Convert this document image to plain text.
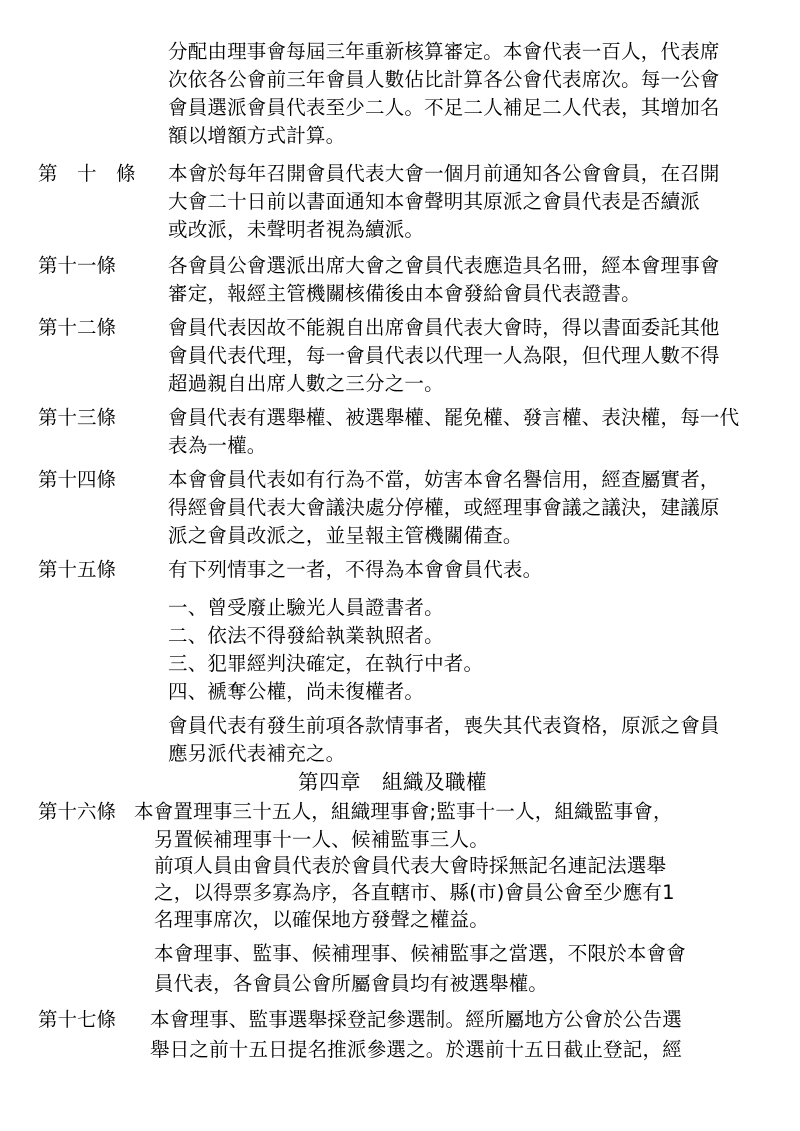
分配由理事會每屆三年重新核算審定。本會代表一百人，代表席
次依各公會前三年會員人數佔比計算各公會代表席次。每一公會
會員選派會員代表至少二人。不足二人補足二人代表，其增加名
額以增額方式計算。
第　十　條 本會於每年召開會員代表大會一個月前通知各公會會員，在召開
大會二十日前以書面通知本會聲明其原派之會員代表是否續派
或改派，未聲明者視為續派。
第十一條	各會員公會選派出席大會之會員代表應造具名冊，經本會理事會
審定，報經主管機關核備後由本會發給會員代表證書。
第十二條	會員代表因故不能親自出席會員代表大會時，得以書面委託其他
會員代表代理，每一會員代表以代理一人為限，但代理人數不得
超過親自出席人數之三分之一。
第十三條	會員代表有選舉權、被選舉權、罷免權、發言權、表決權，每一代
表為一權。
第十四條	本會會員代表如有行為不當，妨害本會名譽信用，經查屬實者，
得經會員代表大會議決處分停權，或經理事會議之議決，建議原
派之會員改派之，並呈報主管機關備查。
第十五條	有下列情事之一者，不得為本會會員代表。
一、曾受廢止驗光人員證書者。
二、依法不得發給執業執照者。
三、犯罪經判決確定，在執行中者。
四、褫奪公權，尚未復權者。
會員代表有發生前項各款情事者，喪失其代表資格，原派之會員
應另派代表補充之。
第四章　組織及職權
第十六條 本會置理事三十五人，組織理事會;監事十一人，組織監事會，
另置候補理事十一人、候補監事三人。
前項人員由會員代表於會員代表大會時採無記名連記法選舉
之，以得票多寡為序，各直轄市、縣(市)會員公會至少應有1
名理事席次，以確保地方發聲之權益。
本會理事、監事、候補理事、候補監事之當選，不限於本會會
員代表，各會員公會所屬會員均有被選舉權。
第十七條 本會理事、監事選舉採登記參選制。經所屬地方公會於公告選
舉日之前十五日提名推派參選之。於選前十五日截止登記，經
